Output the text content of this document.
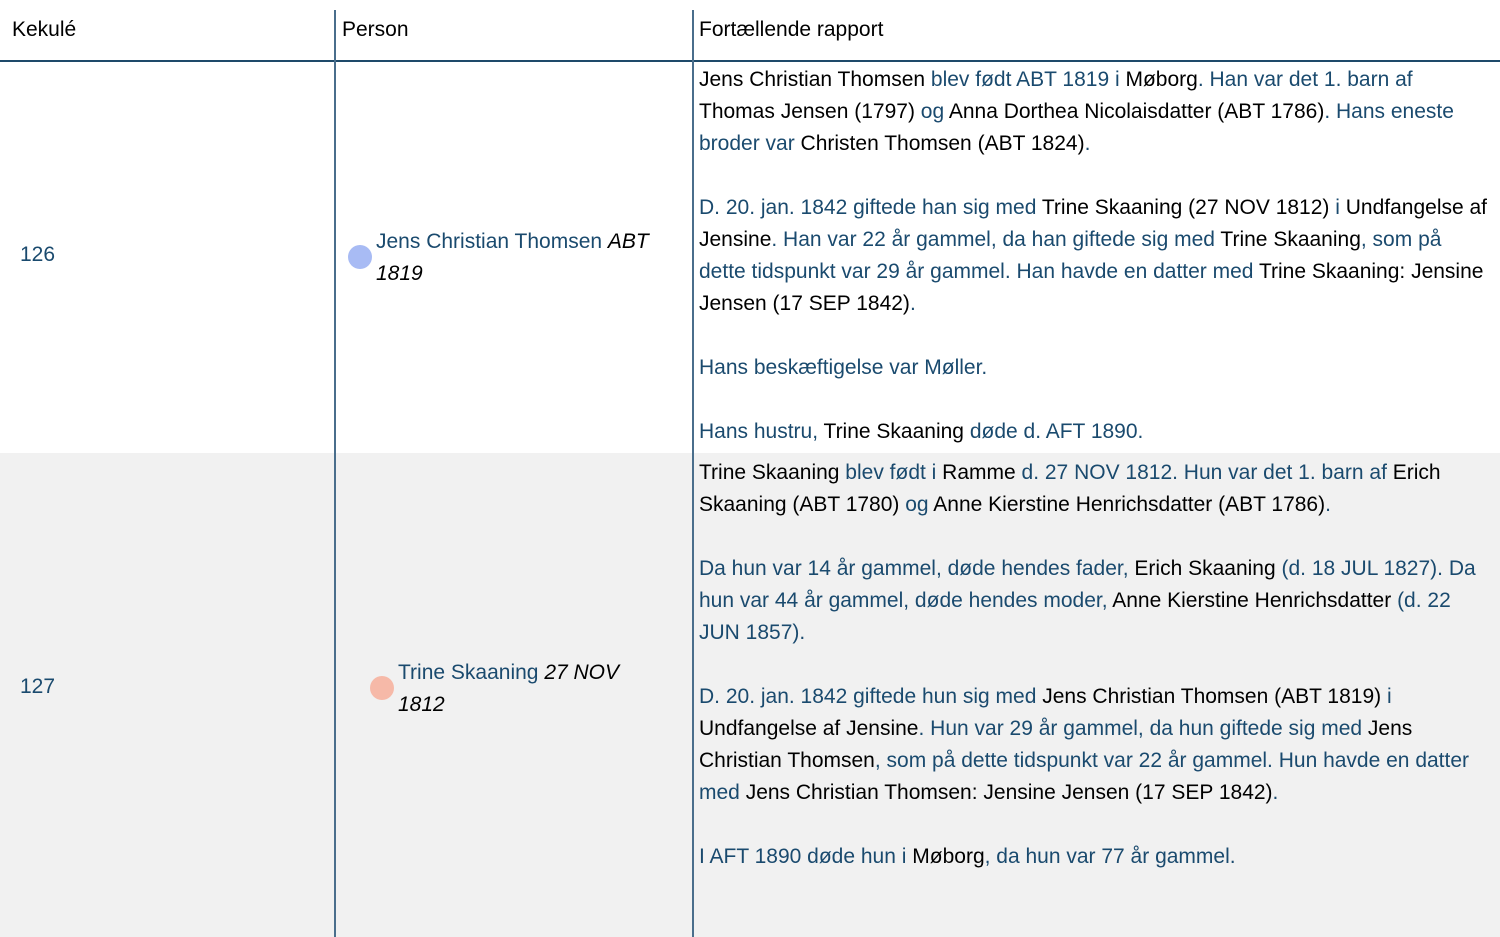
Kekulé	Person	Fortællende rapport
126
Jens Christian Thomsen ABT 1819

Jens Christian Thomsen blev født ABT 1819 i Møborg. Han var det 1. barn af Thomas Jensen (1797) og Anna Dorthea Nicolaisdatter (ABT 1786). Hans eneste broder var Christen Thomsen (ABT 1824).

D. 20. jan. 1842 giftede han sig med Trine Skaaning (27 NOV 1812) i Undfangelse af Jensine. Han var 22 år gammel, da han giftede sig med Trine Skaaning, som på dette tidspunkt var 29 år gammel. Han havde en datter med Trine Skaaning: Jensine Jensen (17 SEP 1842).

Hans beskæftigelse var Møller.

Hans hustru, Trine Skaaning døde d. AFT 1890.

127
Trine Skaaning 27 NOV 1812

Trine Skaaning blev født i Ramme d. 27 NOV 1812. Hun var det 1. barn af Erich Skaaning (ABT 1780) og Anne Kierstine Henrichsdatter (ABT 1786).

Da hun var 14 år gammel, døde hendes fader, Erich Skaaning (d. 18 JUL 1827). Da hun var 44 år gammel, døde hendes moder, Anne Kierstine Henrichsdatter (d. 22 JUN 1857).

D. 20. jan. 1842 giftede hun sig med Jens Christian Thomsen (ABT 1819) i Undfangelse af Jensine. Hun var 29 år gammel, da hun giftede sig med Jens Christian Thomsen, som på dette tidspunkt var 22 år gammel. Hun havde en datter med Jens Christian Thomsen: Jensine Jensen (17 SEP 1842).

I AFT 1890 døde hun i Møborg, da hun var 77 år gammel.
